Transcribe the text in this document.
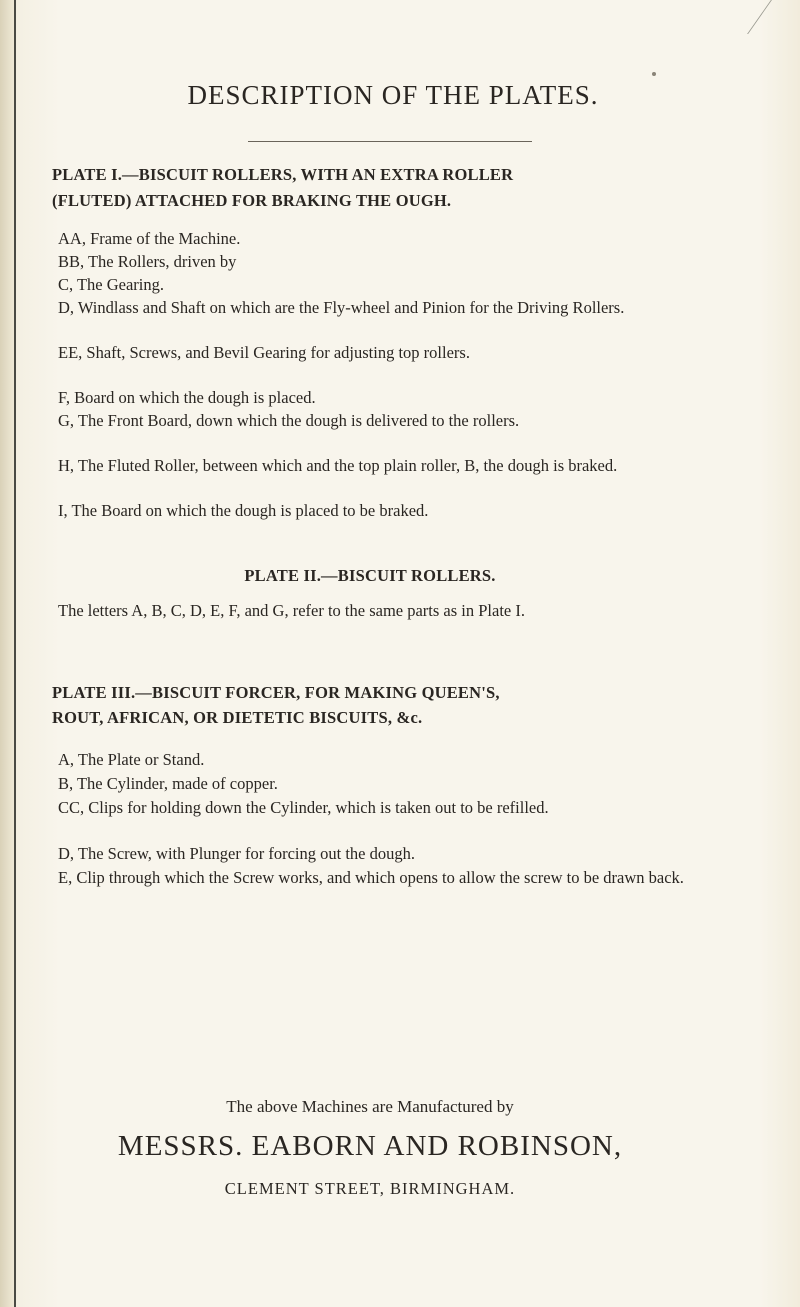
DESCRIPTION OF THE PLATES.
PLATE I.—BISCUIT ROLLERS, WITH AN EXTRA ROLLER
(FLUTED) ATTACHED FOR BRAKING THE OUGH.
AA, Frame of the Machine.
BB, The Rollers, driven by
C, The Gearing.
D, Windlass and Shaft on which are the Fly-wheel and Pinion for the Driving Rollers.
EE, Shaft, Screws, and Bevil Gearing for adjusting top rollers.
F, Board on which the dough is placed.
G, The Front Board, down which the dough is delivered to the rollers.
H, The Fluted Roller, between which and the top plain roller, B, the dough is braked.
I, The Board on which the dough is placed to be braked.
PLATE II.—BISCUIT ROLLERS.
The letters A, B, C, D, E, F, and G, refer to the same parts as in Plate I.
PLATE III.—BISCUIT FORCER, FOR MAKING QUEEN'S,
ROUT, AFRICAN, OR DIETETIC BISCUITS, &c.
A, The Plate or Stand.
B, The Cylinder, made of copper.
CC, Clips for holding down the Cylinder, which is taken out to be refilled.
D, The Screw, with Plunger for forcing out the dough.
E, Clip through which the Screw works, and which opens to allow the screw to be drawn back.
The above Machines are Manufactured by
MESSRS. EABORN AND ROBINSON,
CLEMENT STREET, BIRMINGHAM.
